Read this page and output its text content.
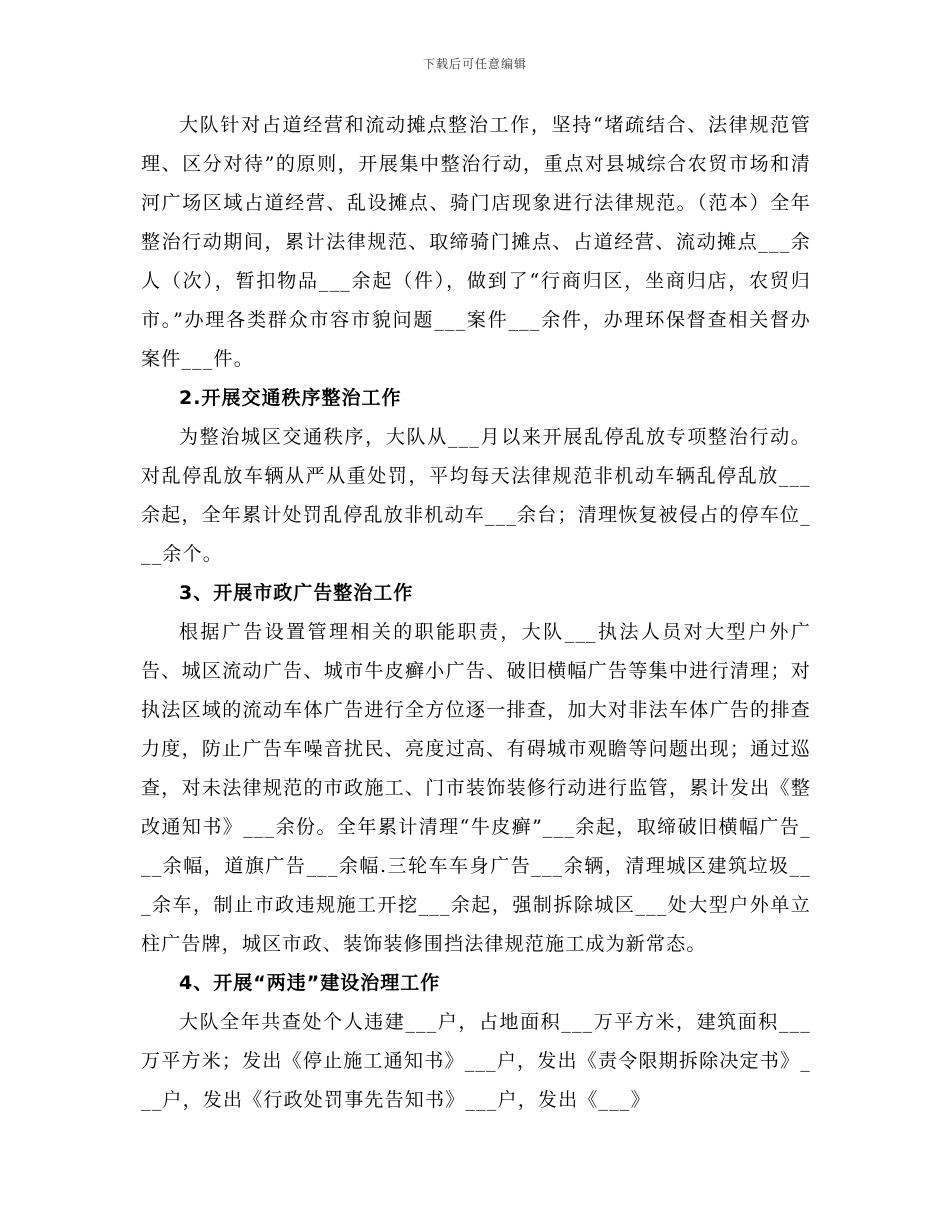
下载后可任意编辑

大队针对占道经营和流动摊点整治工作，坚持“堵疏结合、法律规范管理、区分对待”的原则，开展集中整治行动，重点对县城综合农贸市场和清河广场区域占道经营、乱设摊点、骑门店现象进行法律规范。（范本）全年整治行动期间，累计法律规范、取缔骑门摊点、占道经营、流动摊点___余人（次），暂扣物品___余起（件），做到了“行商归区，坐商归店，农贸归市。”办理各类群众市容市貌问题___案件___余件，办理环保督查相关督办案件___件。

2.开展交通秩序整治工作

为整治城区交通秩序，大队从___月以来开展乱停乱放专项整治行动。对乱停乱放车辆从严从重处罚，平均每天法律规范非机动车辆乱停乱放___余起，全年累计处罚乱停乱放非机动车___余台；清理恢复被侵占的停车位___余个。

3、开展市政广告整治工作

根据广告设置管理相关的职能职责，大队___执法人员对大型户外广告、城区流动广告、城市牛皮癣小广告、破旧横幅广告等集中进行清理；对执法区域的流动车体广告进行全方位逐一排查，加大对非法车体广告的排查力度，防止广告车噪音扰民、亮度过高、有碍城市观瞻等问题出现；通过巡查，对未法律规范的市政施工、门市装饰装修行动进行监管，累计发出《整改通知书》___余份。全年累计清理“牛皮癣”___余起，取缔破旧横幅广告___余幅，道旗广告___余幅.三轮车车身广告___余辆，清理城区建筑垃圾___余车，制止市政违规施工开挖___余起，强制拆除城区___处大型户外单立柱广告牌，城区市政、装饰装修围挡法律规范施工成为新常态。

4、开展“两违”建设治理工作

大队全年共查处个人违建___户，占地面积___万平方米，建筑面积___万平方米；发出《停止施工通知书》___户，发出《责令限期拆除决定书》___户，发出《行政处罚事先告知书》___户，发出《___》
